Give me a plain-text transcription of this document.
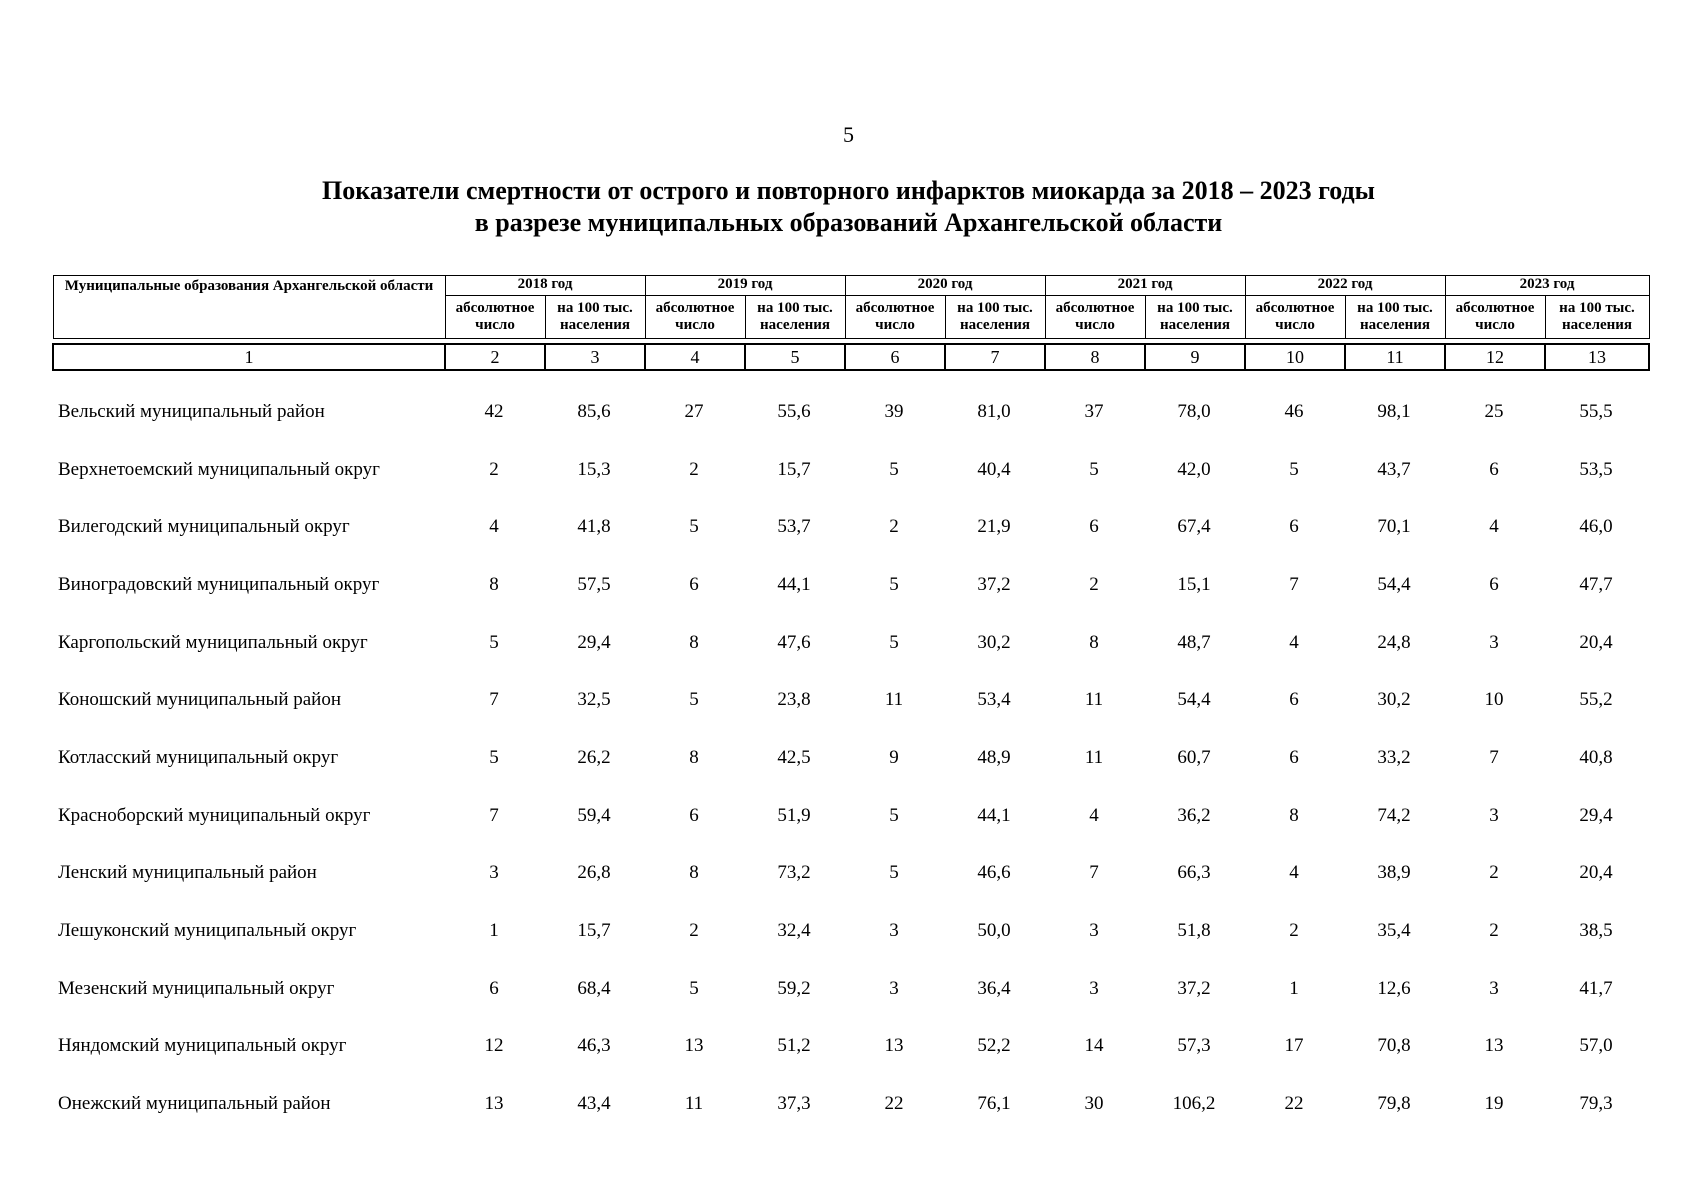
5
Показатели смертности от острого и повторного инфарктов миокарда за 2018 – 2023 годы
в разрезе муниципальных образований Архангельской области
Муниципальные образования Архангельской области	2018 год		2019 год		2020 год		2021 год		2022 год		2023 год	
	абсолютное число	на 100 тыс. населения	абсолютное число	на 100 тыс. населения	абсолютное число	на 100 тыс. населения	абсолютное число	на 100 тыс. населения	абсолютное число	на 100 тыс. населения	абсолютное число	на 100 тыс. населения

1	2	3	4	5	6	7	8	9	10	11	12	13
Вельский муниципальный район	42	85,6	27	55,6	39	81,0	37	78,0	46	98,1	25	55,5
Верхнетоемский муниципальный округ	2	15,3	2	15,7	5	40,4	5	42,0	5	43,7	6	53,5
Вилегодский муниципальный округ	4	41,8	5	53,7	2	21,9	6	67,4	6	70,1	4	46,0
Виноградовский муниципальный округ	8	57,5	6	44,1	5	37,2	2	15,1	7	54,4	6	47,7
Каргопольский муниципальный округ	5	29,4	8	47,6	5	30,2	8	48,7	4	24,8	3	20,4
Коношский муниципальный район	7	32,5	5	23,8	11	53,4	11	54,4	6	30,2	10	55,2
Котласский муниципальный округ	5	26,2	8	42,5	9	48,9	11	60,7	6	33,2	7	40,8
Красноборский муниципальный округ	7	59,4	6	51,9	5	44,1	4	36,2	8	74,2	3	29,4
Ленский муниципальный район	3	26,8	8	73,2	5	46,6	7	66,3	4	38,9	2	20,4
Лешуконский муниципальный округ	1	15,7	2	32,4	3	50,0	3	51,8	2	35,4	2	38,5
Мезенский муниципальный округ	6	68,4	5	59,2	3	36,4	3	37,2	1	12,6	3	41,7
Няндомский муниципальный округ	12	46,3	13	51,2	13	52,2	14	57,3	17	70,8	13	57,0
Онежский муниципальный район	13	43,4	11	37,3	22	76,1	30	106,2	22	79,8	19	79,3
